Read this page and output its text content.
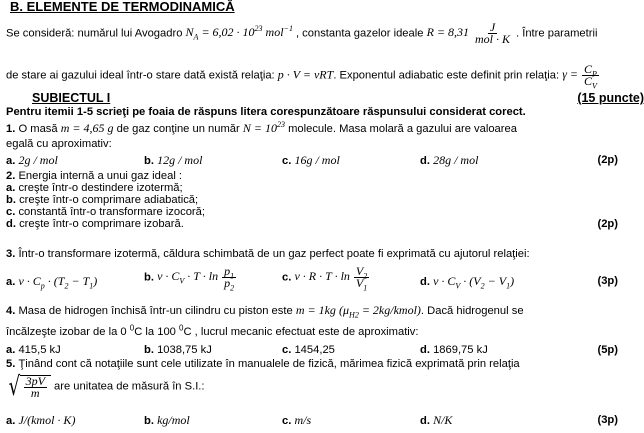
B. ELEMENTE DE TERMODINAMICĂ
Se consideră: numărul lui Avogadro $N_A = 6,02 \cdot 10^{23}$ mol$^{-1}$ , constanta gazelor ideale $R = 8,31 \frac{J}{\text{mol · K}}$ . Între parametrii
de stare ai gazului ideal într-o stare dată există relaţia: p · V = νRT. Exponentul adiabatic este definit prin relaţia: $\gamma = \frac{C_P}{C_V}$
SUBIECTUL I	(15 puncte)
Pentru itemii 1-5 scrieţi pe foaia de răspuns litera corespunzătoare răspunsului considerat corect.
1. O masă m = 4,65 g de gaz conţine un număr $N = 10^{23}$ molecule. Masa molară a gazului are valoarea
egală cu aproximativ:
a. 2g / mol	b. 12g / mol	c. 16g / mol	d. 28g / mol	(2p)
2. Energia internă a unui gaz ideal :
a. creşte într-o destindere izotermă;
b. creşte într-o comprimare adiabatică;
c. constantă într-o transformare izocoră;
d. creşte într-o comprimare izobară.	(2p)
3. Într-o transformare izotermă, căldura schimbată de un gaz perfect poate fi exprimată cu ajutorul relaţiei:
a. $\nu \cdot C_p \cdot (T_2 - T_1)$	b. $\nu \cdot C_V \cdot T \cdot \ln \frac{p_1}{p_2}$	c. $\nu \cdot R \cdot T \cdot \ln \frac{V_2}{V_1}$	d. $\nu \cdot C_V \cdot (V_2 - V_1)$	(3p)
4. Masa de hidrogen închisă într-un cilindru cu piston este m = 1kg ($\mu_{H2}$ = 2kg/kmol). Dacă hidrogenul se
încălzeşte izobar de la 0 $^0$C la 100 $^0$C , lucrul mecanic efectuat este de aproximativ:
a. 415,5 kJ	b. 1038,75 kJ	c. 1454,25	d. 1869,75 kJ	(5p)
5. Ţinând cont că notaţiile sunt cele utilizate în manualele de fizică, mărimea fizică exprimată prin relaţia
√ $\frac{3pV}{m}$ are unitatea de măsură în S.I.:
a. J/(kmol · K)	b. kg/mol	c. m/s	d. N/K	(3p)
